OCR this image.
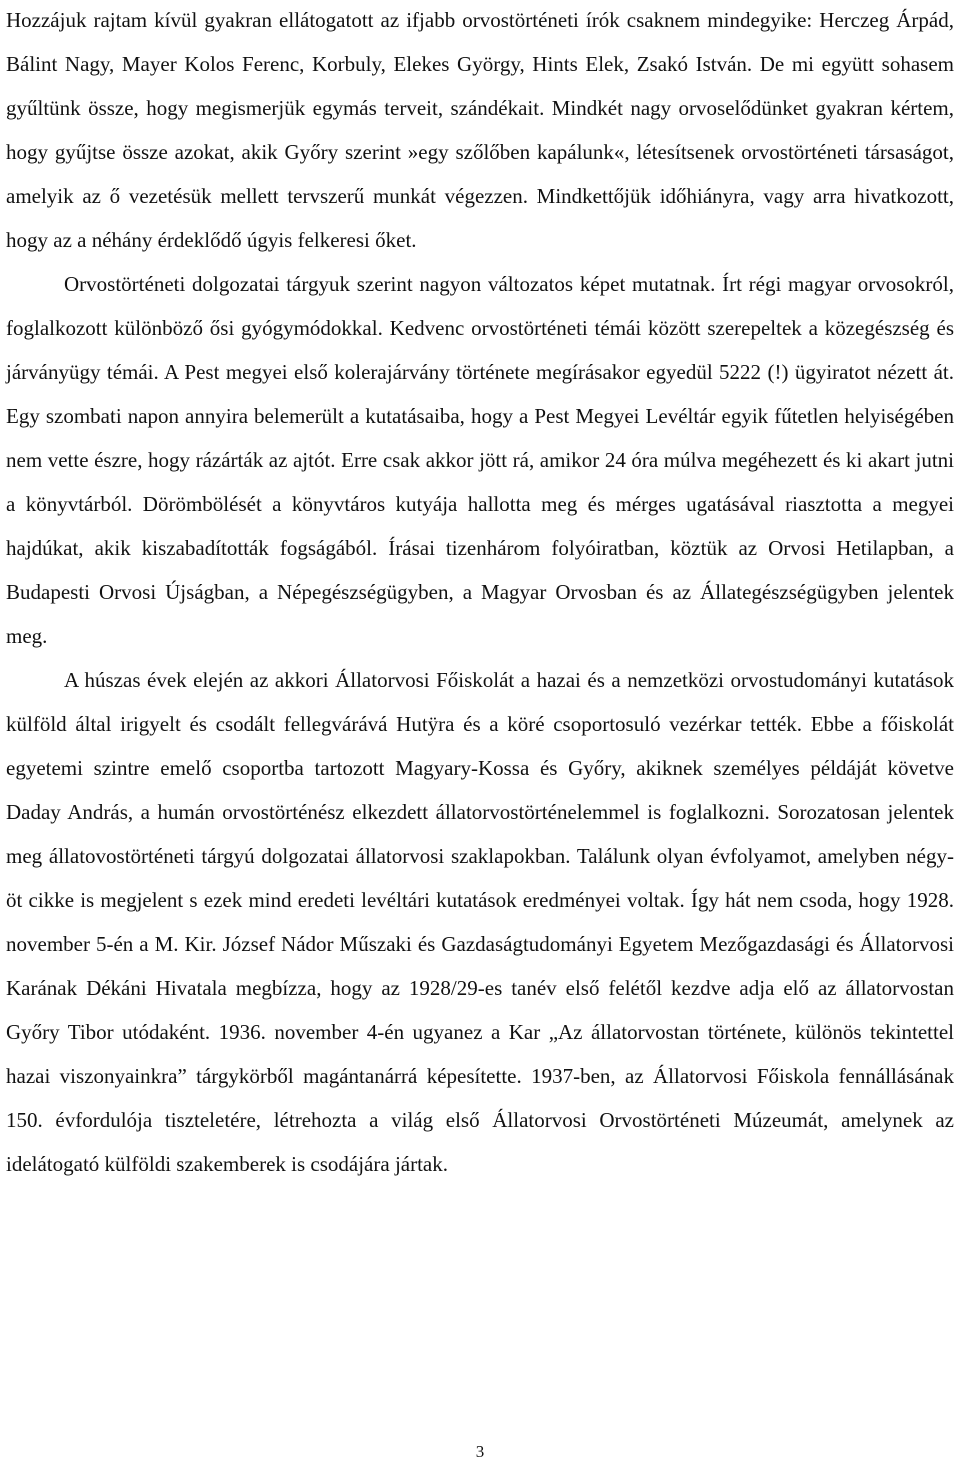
Hozzájuk rajtam kívül gyakran ellátogatott az ifjabb orvostörténeti írók csaknem mindegyike: Herczeg Árpád, Bálint Nagy, Mayer Kolos Ferenc, Korbuly, Elekes György, Hints Elek, Zsakó István. De mi együtt sohasem gyűltünk össze, hogy megismerjük egymás terveit, szándékait. Mindkét nagy orvoselődünket gyakran kértem, hogy gyűjtse össze azokat, akik Győry szerint »egy szőlőben kapálunk«, létesítsenek orvostörténeti társaságot, amelyik az ő vezetésük mellett tervszerű munkát végezzen. Mindkettőjük időhiányra, vagy arra hivatkozott, hogy az a néhány érdeklődő úgyis felkeresi őket.

Orvostörténeti dolgozatai tárgyuk szerint nagyon változatos képet mutatnak. Írt régi magyar orvosokról, foglalkozott különböző ősi gyógymódokkal. Kedvenc orvostörténeti témái között szerepeltek a közegészség és járványügy témái. A Pest megyei első kolerajárvány története megírásakor egyedül 5222 (!) ügyiratot nézett át. Egy szombati napon annyira belemerült a kutatásaiba, hogy a Pest Megyei Levéltár egyik fűtetlen helyiségében nem vette észre, hogy rázárták az ajtót. Erre csak akkor jött rá, amikor 24 óra múlva megéhezett és ki akart jutni a könyvtárból. Dörömbölését a könyvtáros kutyája hallotta meg és mérges ugatásával riasztotta a megyei hajdúkat, akik kiszabadították fogságából. Írásai tizenhárom folyóiratban, köztük az Orvosi Hetilapban, a Budapesti Orvosi Újságban, a Népegészségügyben, a Magyar Orvosban és az Állategészségügyben jelentek meg.

A húszas évek elején az akkori Állatorvosi Főiskolát a hazai és a nemzetközi orvostudományi kutatások külföld által irigyelt és csodált fellegvárává Hutÿra és a köré csoportosuló vezérkar tették. Ebbe a főiskolát egyetemi szintre emelő csoportba tartozott Magyary-Kossa és Győry, akiknek személyes példáját követve Daday András, a humán orvostörténész elkezdett állatorvostörténelemmel is foglalkozni. Sorozatosan jelentek meg állatovostörténeti tárgyú dolgozatai állatorvosi szaklapokban. Találunk olyan évfolyamot, amelyben négy-öt cikke is megjelent s ezek mind eredeti levéltári kutatások eredményei voltak. Így hát nem csoda, hogy 1928. november 5-én a M. Kir. József Nádor Műszaki és Gazdaságtudományi Egyetem Mezőgazdasági és Állatorvosi Karának Dékáni Hivatala megbízza, hogy az 1928/29-es tanév első felétől kezdve adja elő az állatorvostan Győry Tibor utódaként. 1936. november 4-én ugyanez a Kar „Az állatorvostan története, különös tekintettel hazai viszonyainkra” tárgykörből magántanárrá képesítette. 1937-ben, az Állatorvosi Főiskola fennállásának 150. évfordulója tiszteletére, létrehozta a világ első Állatorvosi Orvostörténeti Múzeumát, amelynek az idelátogató külföldi szakemberek is csodájára jártak.

3
